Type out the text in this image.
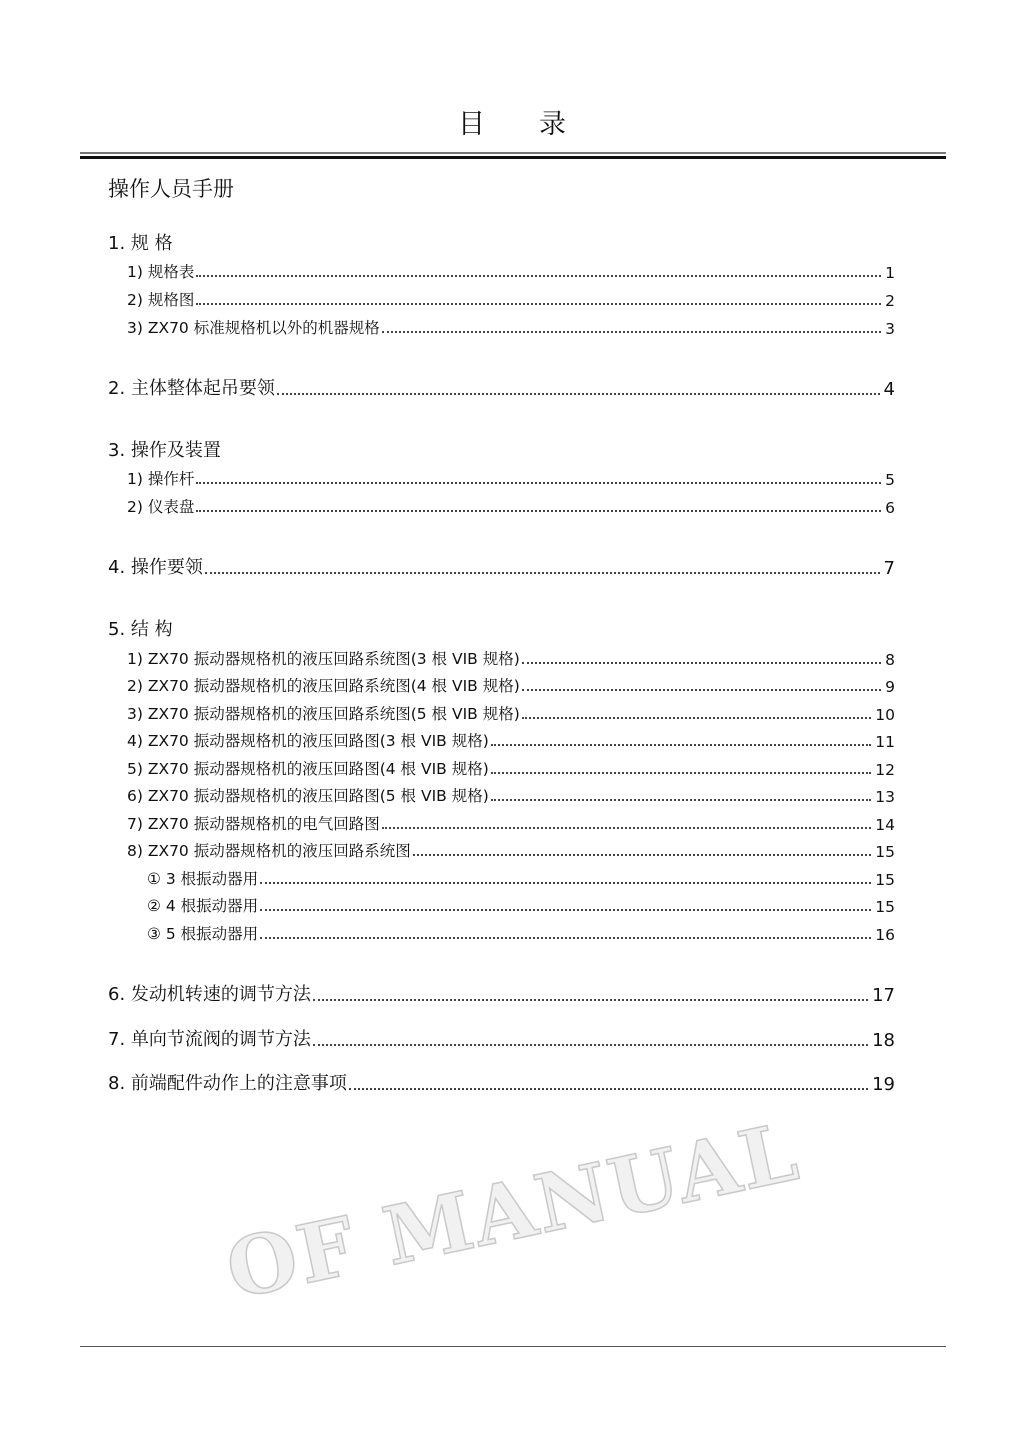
目 录
操作人员手册
1. 规 格
1) 规格表	1
2) 规格图	2
3) ZX70 标准规格机以外的机器规格	3
2. 主体整体起吊要领	4
3. 操作及装置
1) 操作杆	5
2) 仪表盘	6
4. 操作要领	7
5. 结 构
1) ZX70 振动器规格机的液压回路系统图(3 根 VIB 规格)	8
2) ZX70 振动器规格机的液压回路系统图(4 根 VIB 规格)	9
3) ZX70 振动器规格机的液压回路系统图(5 根 VIB 规格)	10
4) ZX70 振动器规格机的液压回路图(3 根 VIB 规格)	11
5) ZX70 振动器规格机的液压回路图(4 根 VIB 规格)	12
6) ZX70 振动器规格机的液压回路图(5 根 VIB 规格)	13
7) ZX70 振动器规格机的电气回路图	14
8) ZX70 振动器规格机的液压回路系统图	15
① 3 根振动器用	15
② 4 根振动器用	15
③ 5 根振动器用	16
6. 发动机转速的调节方法	17
7. 单向节流阀的调节方法	18
8. 前端配件动作上的注意事项	19
OF MANUAL
